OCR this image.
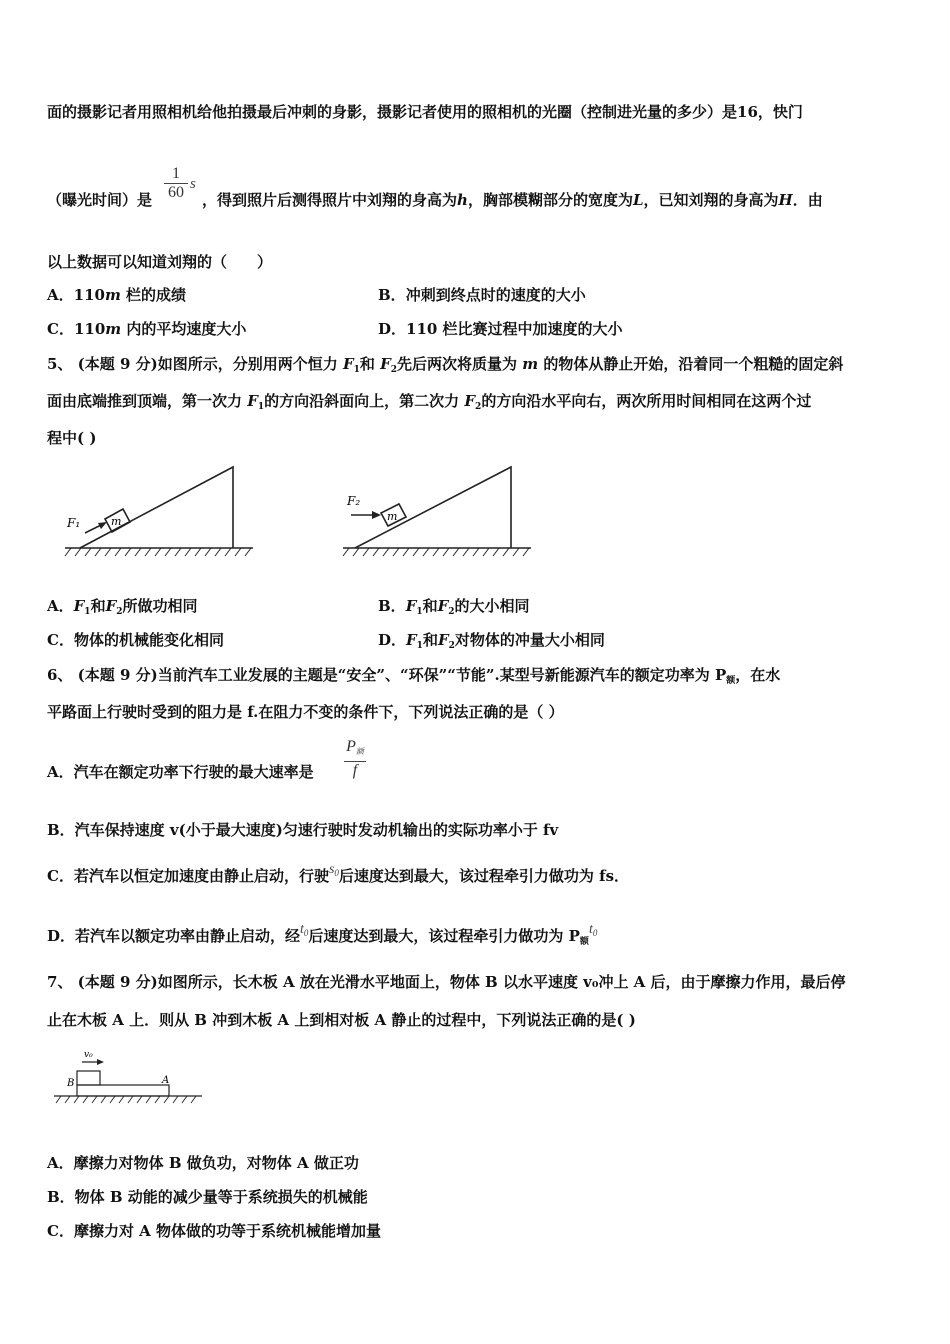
面的摄影记者用照相机给他拍摄最后冲刺的身影，摄影记者使用的照相机的光圈（控制进光量的多少）是16，快门
（曝光时间）是	，得到照片后测得照片中刘翔的身高为h，胸部模糊部分的宽度为L，已知刘翔的身高为H．由
1
60 s
以上数据可以知道刘翔的（　　）
A．110m 栏的成绩	B．冲刺到终点时的速度的大小
C．110m 内的平均速度大小	D．110 栏比赛过程中加速度的大小
5、 (本题 9 分)如图所示，分别用两个恒力 $F_1$和 $F_2$先后两次将质量为 m 的物体从静止开始，沿着同一个粗糙的固定斜
面由底端推到顶端，第一次力 $F_1$的方向沿斜面向上，第二次力 $F_2$的方向沿水平向右，两次所用时间相同在这两个过
程中( )
m
F₁	m
F₂
A．$F_1$和$F_2$所做功相同	B．$F_1$和$F_2$的大小相同
C．物体的机械能变化相同	D．$F_1$和$F_2$对物体的冲量大小相同
6、 (本题 9 分)当前汽车工业发展的主题是“安全”、“环保”“节能”.某型号新能源汽车的额定功率为 $P_额$，在水
平路面上行驶时受到的阻力是 f.在阻力不变的条件下，下列说法正确的是（ ）
A．汽车在额定功率下行驶的最大速率是
$P_额$
f
B．汽车保持速度 v(小于最大速度)匀速行驶时发动机输出的实际功率小于 fv
C．若汽车以恒定加速度由静止启动，行驶$s_0$后速度达到最大，该过程牵引力做功为 fs．
D．若汽车以额定功率由静止启动，经$t_0$后速度达到最大，该过程牵引力做功为 $P_额t_0$
7、 (本题 9 分)如图所示，长木板 A 放在光滑水平地面上，物体 B 以水平速度 v₀冲上 A 后，由于摩擦力作用，最后停
止在木板 A 上．则从 B 冲到木板 A 上到相对板 A 静止的过程中，下列说法正确的是( )
v₀
B	A
A．摩擦力对物体 B 做负功，对物体 A 做正功
B．物体 B 动能的减少量等于系统损失的机械能
C．摩擦力对 A 物体做的功等于系统机械能增加量
